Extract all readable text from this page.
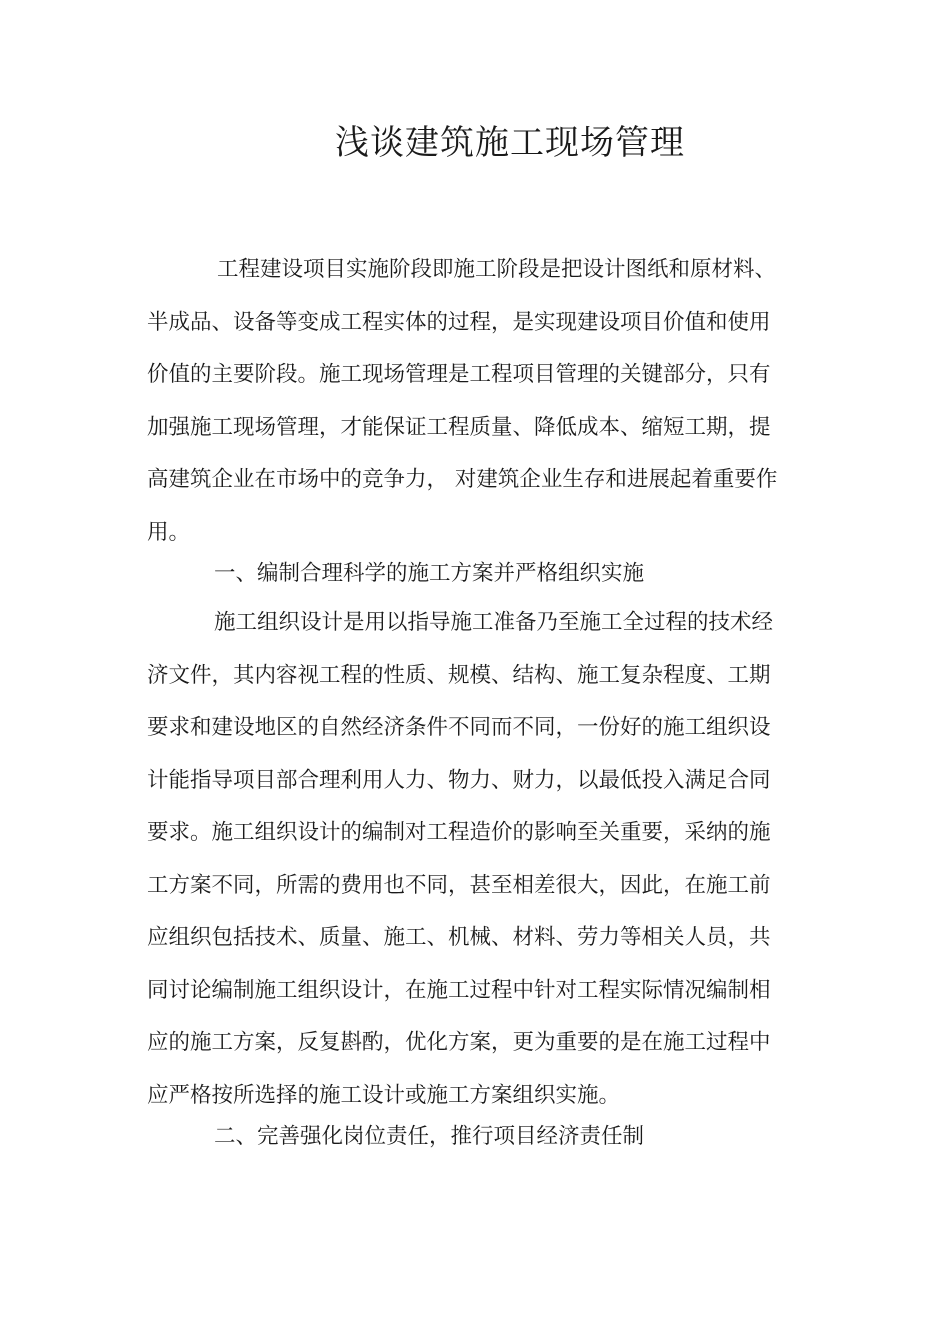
浅谈建筑施工现场管理
工程建设项目实施阶段即施工阶段是把设计图纸和原材料、
半成品、设备等变成工程实体的过程，是实现建设项目价值和使用
价值的主要阶段。施工现场管理是工程项目管理的关键部分，只有
加强施工现场管理，才能保证工程质量、降低成本、缩短工期，提
高建筑企业在市场中的竞争力， 对建筑企业生存和进展起着重要作
用。
一、编制合理科学的施工方案并严格组织实施
施工组织设计是用以指导施工准备乃至施工全过程的技术经
济文件，其内容视工程的性质、规模、结构、施工复杂程度、工期
要求和建设地区的自然经济条件不同而不同，一份好的施工组织设
计能指导项目部合理利用人力、物力、财力，以最低投入满足合同
要求。施工组织设计的编制对工程造价的影响至关重要，采纳的施
工方案不同，所需的费用也不同，甚至相差很大，因此，在施工前
应组织包括技术、质量、施工、机械、材料、劳力等相关人员，共
同讨论编制施工组织设计，在施工过程中针对工程实际情况编制相
应的施工方案，反复斟酌，优化方案，更为重要的是在施工过程中
应严格按所选择的施工设计或施工方案组织实施。
二、完善强化岗位责任，推行项目经济责任制
